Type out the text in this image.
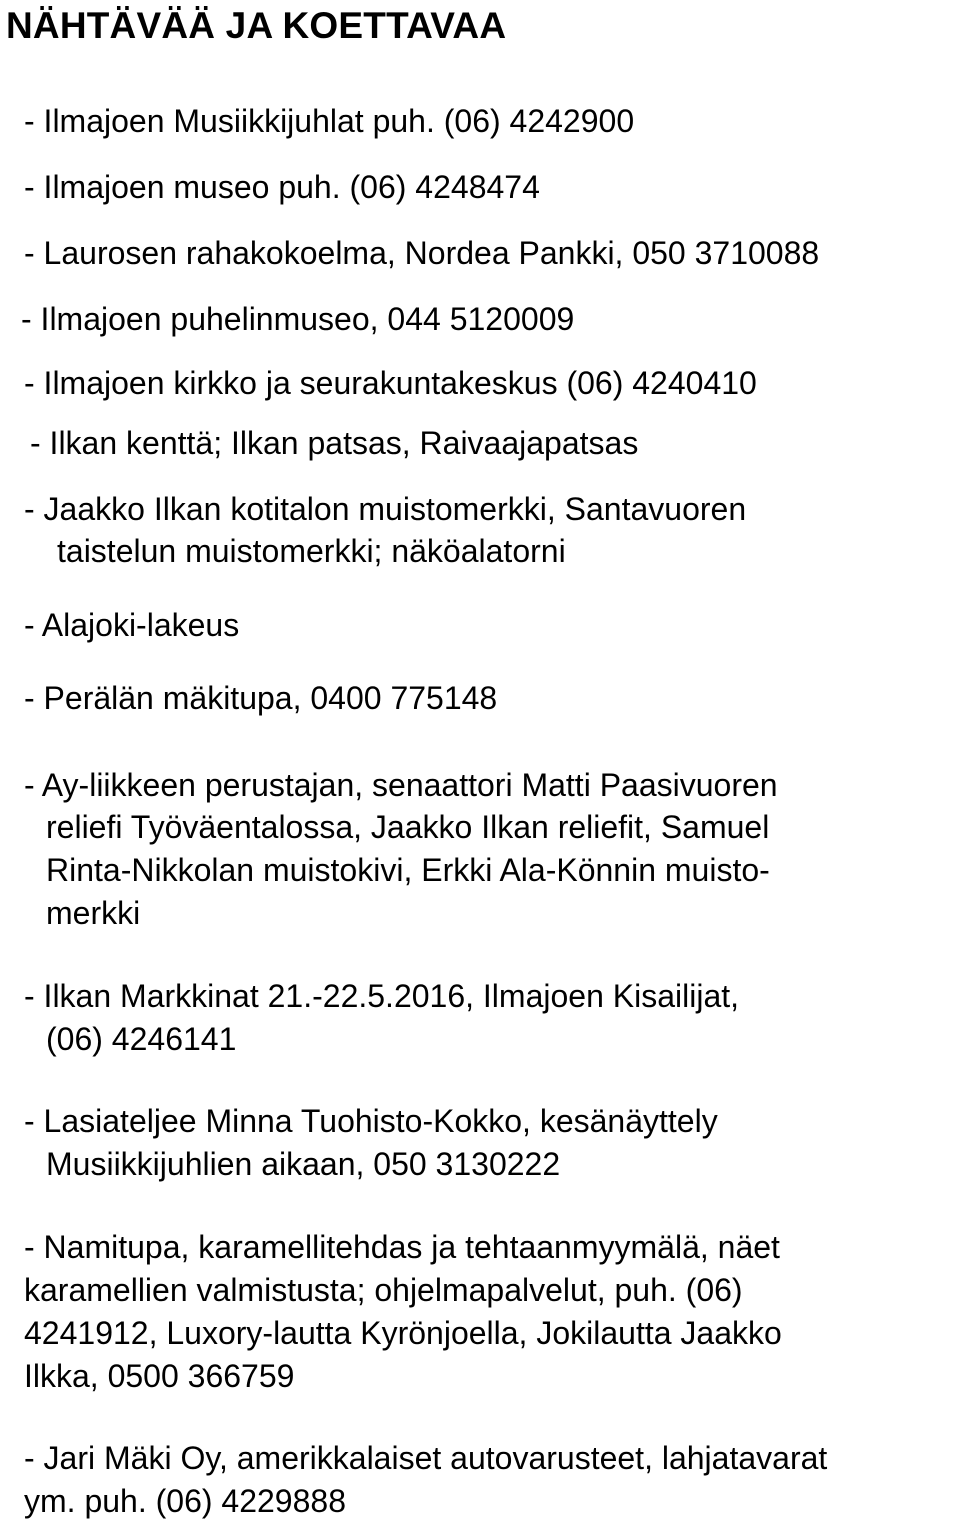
NÄHTÄVÄÄ JA KOETTAVAA
- Ilmajoen Musiikkijuhlat puh. (06) 4242900
- Ilmajoen museo puh. (06) 4248474
- Laurosen rahakokoelma, Nordea Pankki, 050 3710088
- Ilmajoen puhelinmuseo, 044 5120009
- Ilmajoen kirkko ja seurakuntakeskus (06) 4240410
- Ilkan kenttä; Ilkan patsas, Raivaajapatsas
- Jaakko Ilkan kotitalon muistomerkki, Santavuoren
taistelun muistomerkki; näköalatorni
- Alajoki-lakeus
- Perälän mäkitupa, 0400 775148
- Ay-liikkeen perustajan, senaattori Matti Paasivuoren
reliefi Työväentalossa, Jaakko Ilkan reliefit, Samuel
Rinta-Nikkolan muistokivi, Erkki Ala-Könnin muisto-
merkki
- Ilkan Markkinat 21.-22.5.2016, Ilmajoen Kisailijat,
(06) 4246141
- Lasiateljee Minna Tuohisto-Kokko, kesänäyttely
Musiikkijuhlien aikaan, 050 3130222
- Namitupa, karamellitehdas ja tehtaanmyymälä, näet
karamellien valmistusta; ohjelmapalvelut, puh. (06)
4241912, Luxory-lautta Kyrönjoella, Jokilautta Jaakko
Ilkka, 0500 366759
- Jari Mäki Oy, amerikkalaiset autovarusteet, lahjatavarat
ym. puh. (06) 4229888
